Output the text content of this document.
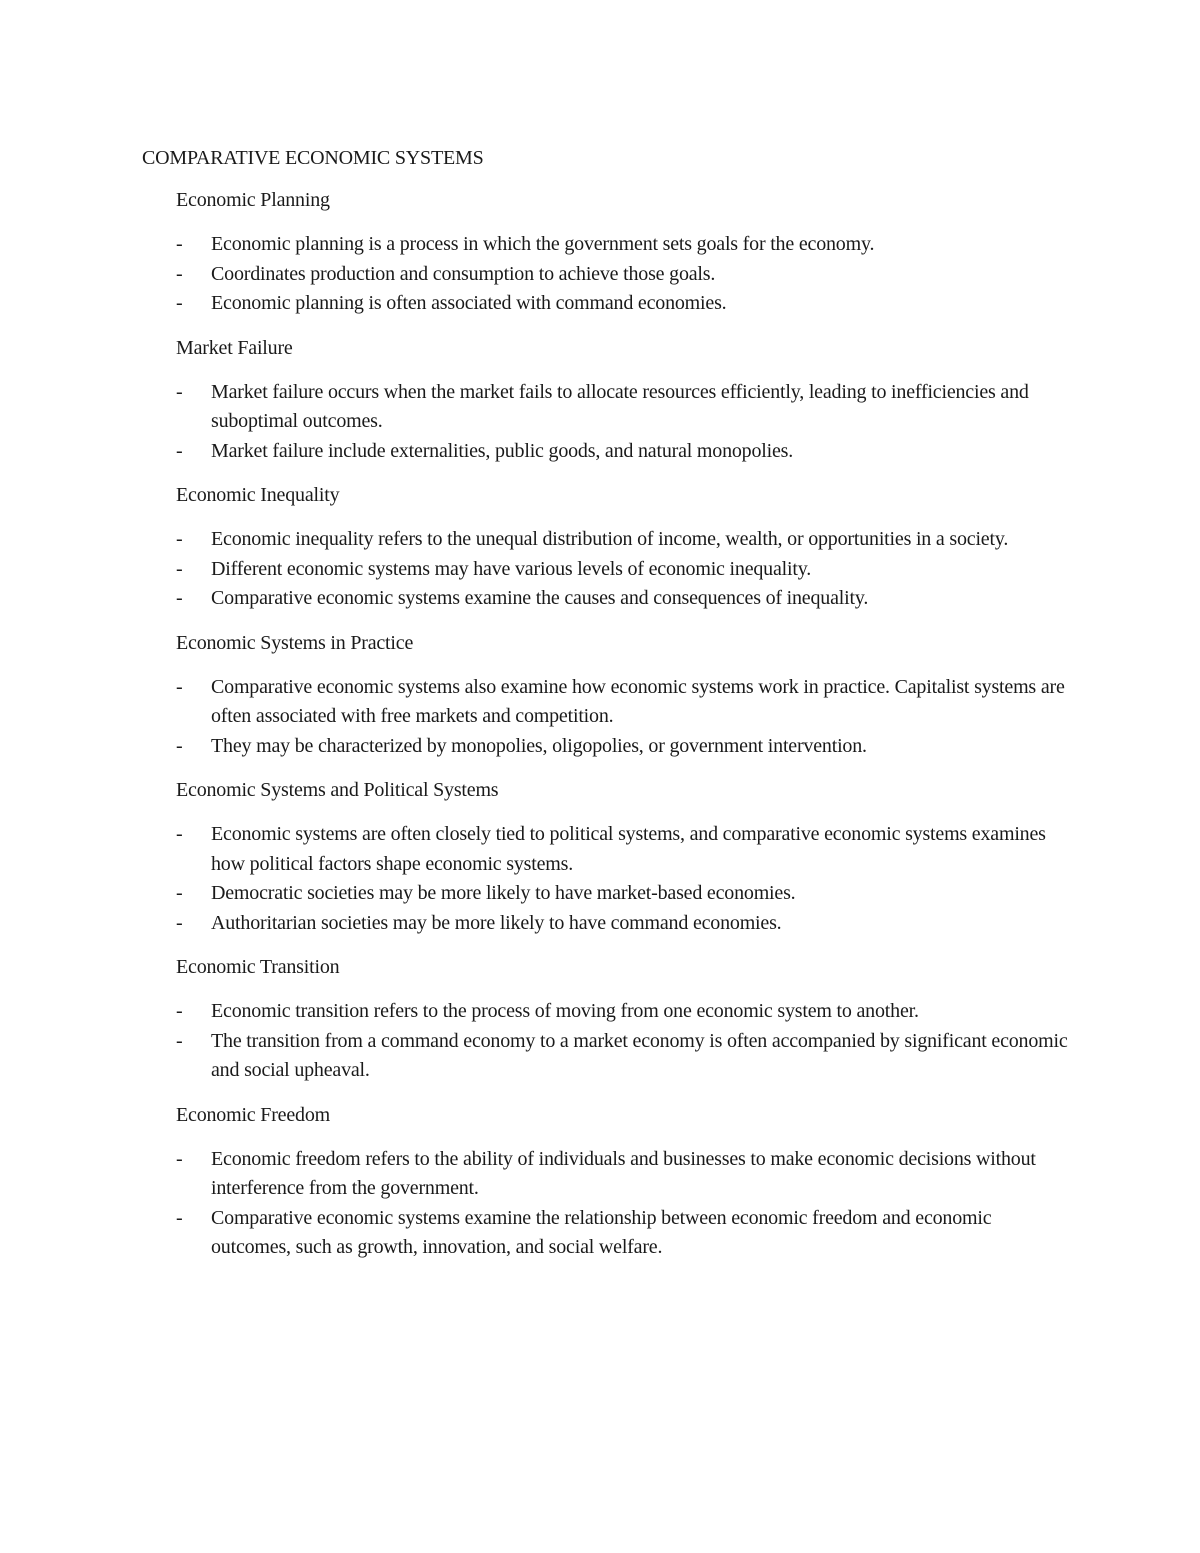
COMPARATIVE ECONOMIC SYSTEMS
Economic Planning
- Economic planning is a process in which the government sets goals for the economy.
- Coordinates production and consumption to achieve those goals.
- Economic planning is often associated with command economies.
Market Failure
- Market failure occurs when the market fails to allocate resources efficiently, leading to inefficiencies and suboptimal outcomes.
- Market failure include externalities, public goods, and natural monopolies.
Economic Inequality
- Economic inequality refers to the unequal distribution of income, wealth, or opportunities in a society.
- Different economic systems may have various levels of economic inequality.
- Comparative economic systems examine the causes and consequences of inequality.
Economic Systems in Practice
- Comparative economic systems also examine how economic systems work in practice. Capitalist systems are often associated with free markets and competition.
- They may be characterized by monopolies, oligopolies, or government intervention.
Economic Systems and Political Systems
- Economic systems are often closely tied to political systems, and comparative economic systems examines how political factors shape economic systems.
- Democratic societies may be more likely to have market-based economies.
- Authoritarian societies may be more likely to have command economies.
Economic Transition
- Economic transition refers to the process of moving from one economic system to another.
- The transition from a command economy to a market economy is often accompanied by significant economic and social upheaval.
Economic Freedom
- Economic freedom refers to the ability of individuals and businesses to make economic decisions without interference from the government.
- Comparative economic systems examine the relationship between economic freedom and economic outcomes, such as growth, innovation, and social welfare.
